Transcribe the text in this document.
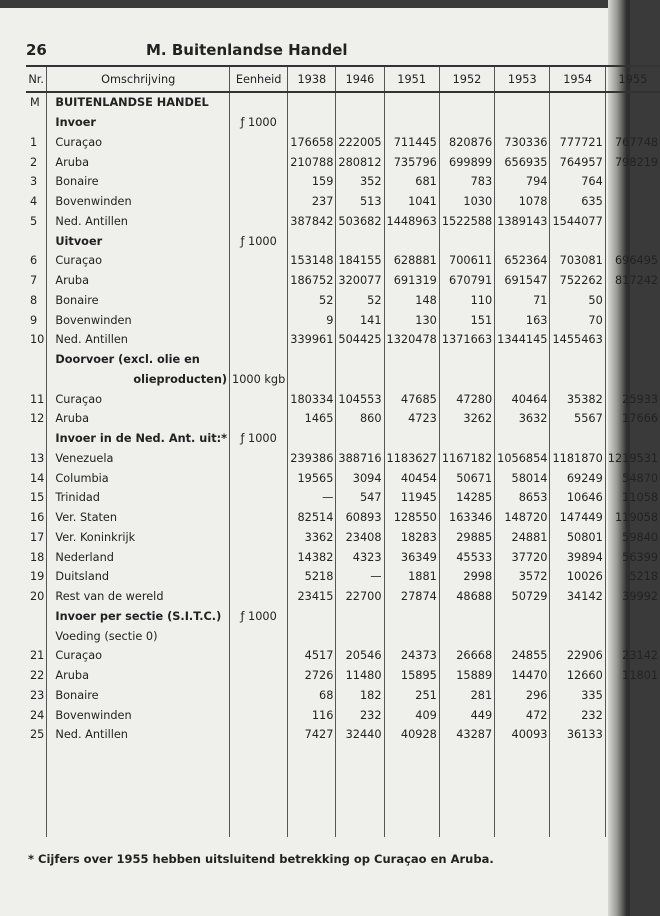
26	M. Buitenlandse Handel
Nr.	Omschrijving	Eenheid	1938	1946	1951	1952	1953	1954	1955
M	BUITENLANDSE HANDEL								
	Invoer	ƒ 1000							
1	Curaçao		176658	222005	711445	820876	730336	777721	767748
2	Aruba		210788	280812	735796	699899	656935	764957	798219
3	Bonaire		159	352	681	783	794	764	
4	Bovenwinden		237	513	1041	1030	1078	635	
5	Ned. Antillen		387842	503682	1448963	1522588	1389143	1544077	
	Uitvoer	ƒ 1000							
6	Curaçao		153148	184155	628881	700611	652364	703081	696495
7	Aruba		186752	320077	691319	670791	691547	752262	817242
8	Bonaire		52	52	148	110	71	50	
9	Bovenwinden		9	141	130	151	163	70	
10	Ned. Antillen		339961	504425	1320478	1371663	1344145	1455463	
	Doorvoer (excl. olie en								
	olieproducten)	1000 kgb							
11	Curaçao		180334	104553	47685	47280	40464	35382	25933
12	Aruba		1465	860	4723	3262	3632	5567	17666
	Invoer in de Ned. Ant. uit:*	ƒ 1000							
13	Venezuela		239386	388716	1183627	1167182	1056854	1181870	1219531
14	Columbia		19565	3094	40454	50671	58014	69249	54870
15	Trinidad		—	547	11945	14285	8653	10646	11058
16	Ver. Staten		82514	60893	128550	163346	148720	147449	119058
17	Ver. Koninkrijk		3362	23408	18283	29885	24881	50801	59840
18	Nederland		14382	4323	36349	45533	37720	39894	56399
19	Duitsland		5218	—	1881	2998	3572	10026	5218
20	Rest van de wereld		23415	22700	27874	48688	50729	34142	39992
	Invoer per sectie (S.I.T.C.)	ƒ 1000							
	Voeding (sectie 0)								
21	Curaçao		4517	20546	24373	26668	24855	22906	23142
22	Aruba		2726	11480	15895	15889	14470	12660	11801
23	Bonaire		68	182	251	281	296	335	
24	Bovenwinden		116	232	409	449	472	232	
25	Ned. Antillen		7427	32440	40928	43287	40093	36133	

* Cijfers over 1955 hebben uitsluitend betrekking op Curaçao en Aruba.
